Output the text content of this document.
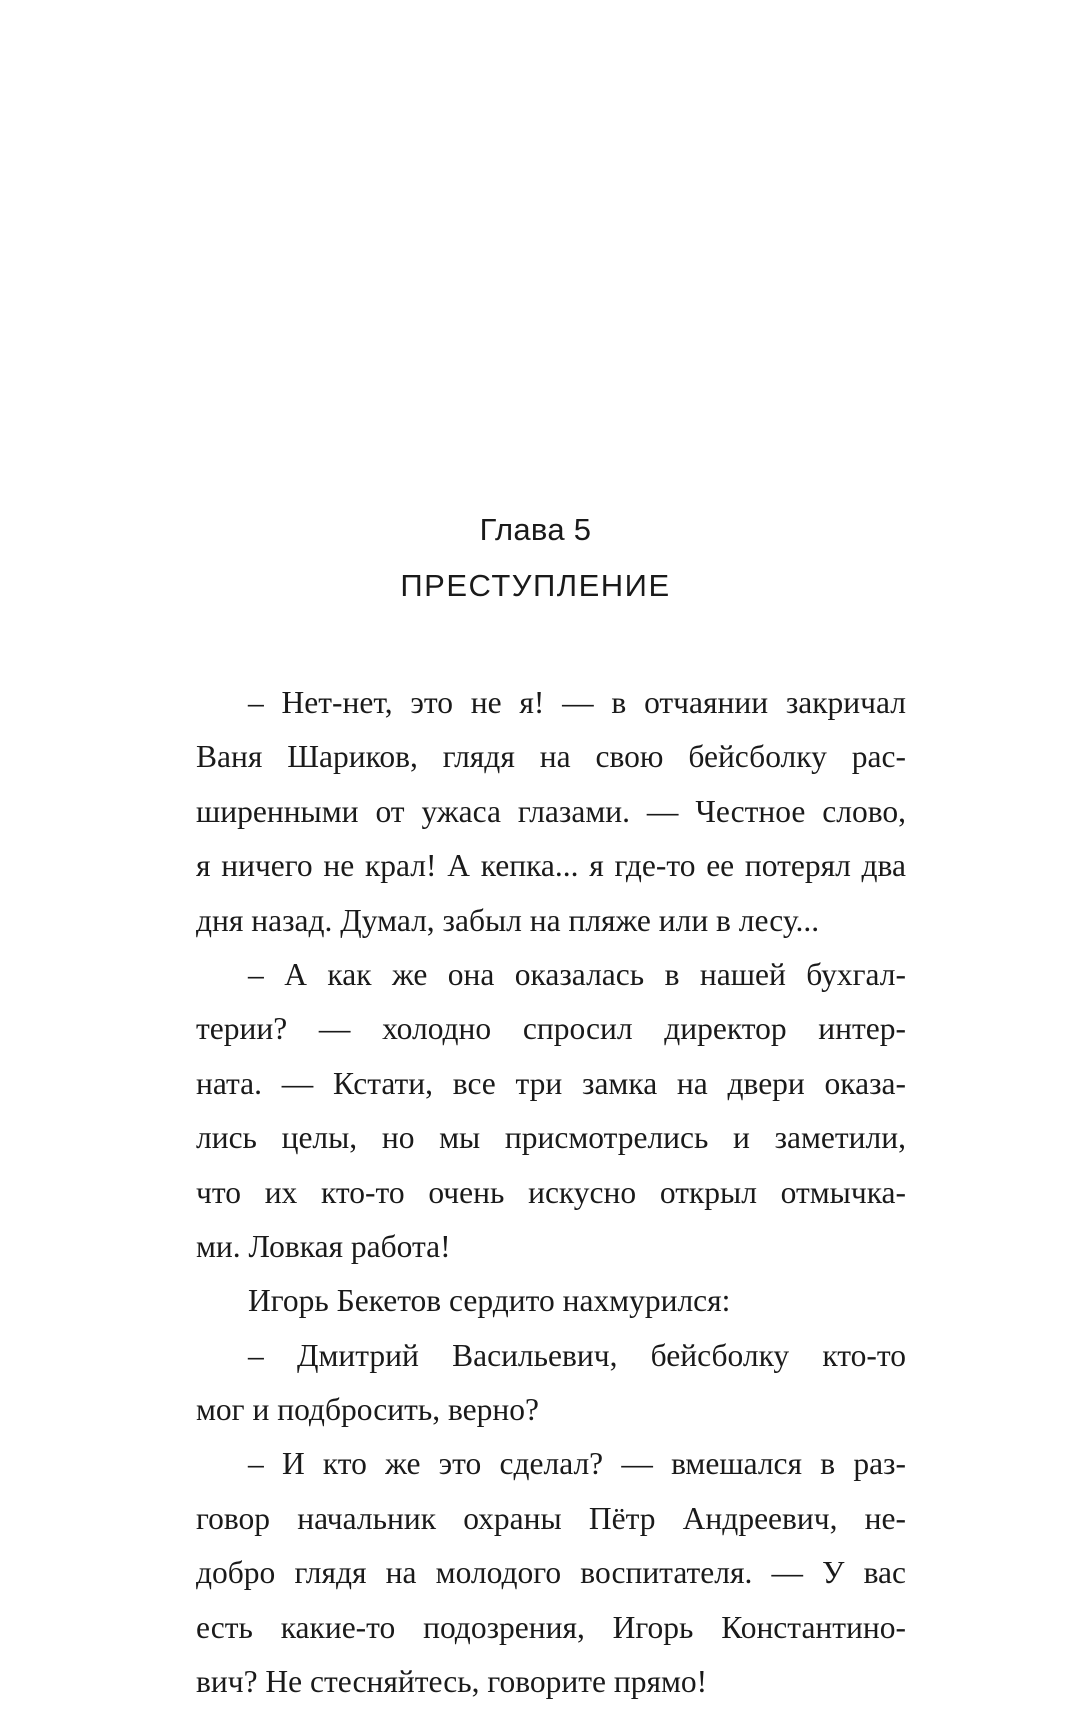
Глава 5
ПРЕСТУПЛЕНИЕ
– Нет-нет, это не я! — в отчаянии закричал
Ваня Шариков, глядя на свою бейсболку рас-
ширенными от ужаса глазами. — Честное слово,
я ничего не крал! А кепка... я где-то ее потерял два
дня назад. Думал, забыл на пляже или в лесу...
– А как же она оказалась в нашей бухгал-
терии? — холодно спросил директор интер-
ната. — Кстати, все три замка на двери оказа-
лись целы, но мы присмотрелись и заметили,
что их кто-то очень искусно открыл отмычка-
ми. Ловкая работа!
Игорь Бекетов сердито нахмурился:
– Дмитрий Васильевич, бейсболку кто-то
мог и подбросить, верно?
– И кто же это сделал? — вмешался в раз-
говор начальник охраны Пётр Андреевич, не-
добро глядя на молодого воспитателя. — У вас
есть какие-то подозрения, Игорь Константино-
вич? Не стесняйтесь, говорите прямо!
